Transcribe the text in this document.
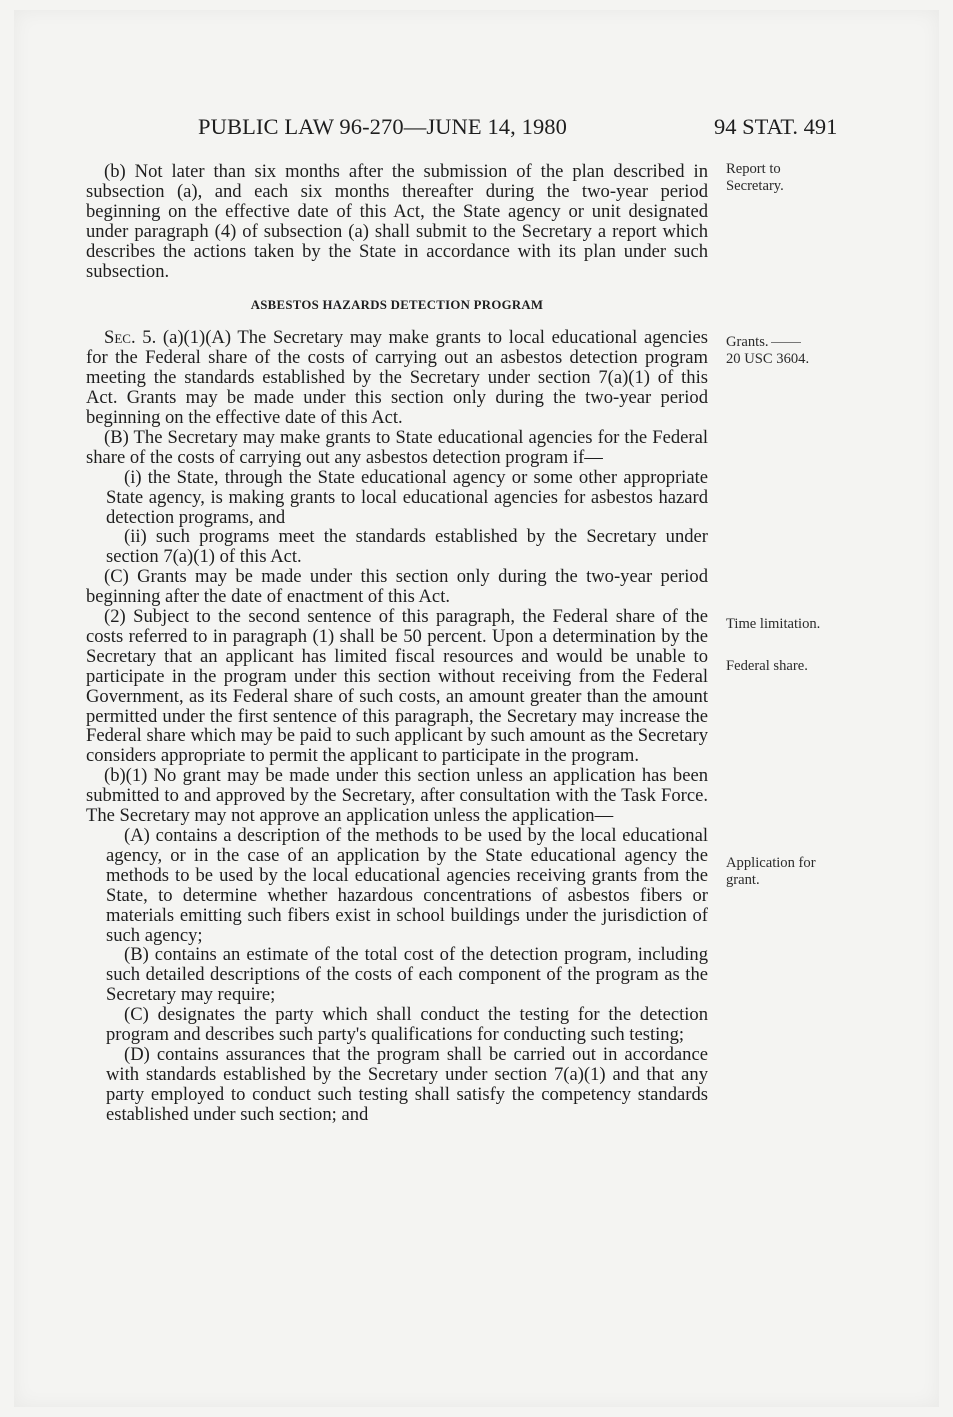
PUBLIC LAW 96-270—JUNE 14, 1980	94 STAT. 491

(b) Not later than six months after the submission of the plan described in subsection (a), and each six months thereafter during the two-year period beginning on the effective date of this Act, the State agency or unit designated under paragraph (4) of subsection (a) shall submit to the Secretary a report which describes the actions taken by the State in accordance with its plan under such subsection.

ASBESTOS HAZARDS DETECTION PROGRAM

Sec. 5. (a)(1)(A) The Secretary may make grants to local educational agencies for the Federal share of the costs of carrying out an asbestos detection program meeting the standards established by the Secretary under section 7(a)(1) of this Act. Grants may be made under this section only during the two-year period beginning on the effective date of this Act.

(B) The Secretary may make grants to State educational agencies for the Federal share of the costs of carrying out any asbestos detection program if—

(i) the State, through the State educational agency or some other appropriate State agency, is making grants to local educational agencies for asbestos hazard detection programs, and

(ii) such programs meet the standards established by the Secretary under section 7(a)(1) of this Act.

(C) Grants may be made under this section only during the two-year period beginning after the date of enactment of this Act.

(2) Subject to the second sentence of this paragraph, the Federal share of the costs referred to in paragraph (1) shall be 50 percent. Upon a determination by the Secretary that an applicant has limited fiscal resources and would be unable to participate in the program under this section without receiving from the Federal Government, as its Federal share of such costs, an amount greater than the amount permitted under the first sentence of this paragraph, the Secretary may increase the Federal share which may be paid to such applicant by such amount as the Secretary considers appropriate to permit the applicant to participate in the program.

(b)(1) No grant may be made under this section unless an application has been submitted to and approved by the Secretary, after consultation with the Task Force. The Secretary may not approve an application unless the application—

(A) contains a description of the methods to be used by the local educational agency, or in the case of an application by the State educational agency the methods to be used by the local educational agencies receiving grants from the State, to determine whether hazardous concentrations of asbestos fibers or materials emitting such fibers exist in school buildings under the jurisdiction of such agency;

(B) contains an estimate of the total cost of the detection program, including such detailed descriptions of the costs of each component of the program as the Secretary may require;

(C) designates the party which shall conduct the testing for the detection program and describes such party's qualifications for conducting such testing;

(D) contains assurances that the program shall be carried out in accordance with standards established by the Secretary under section 7(a)(1) and that any party employed to conduct such testing shall satisfy the competency standards established under such section; and

Report to
Secretary.
Grants.
20 USC 3604.
Time limitation.
Federal share.
Application for
grant.
